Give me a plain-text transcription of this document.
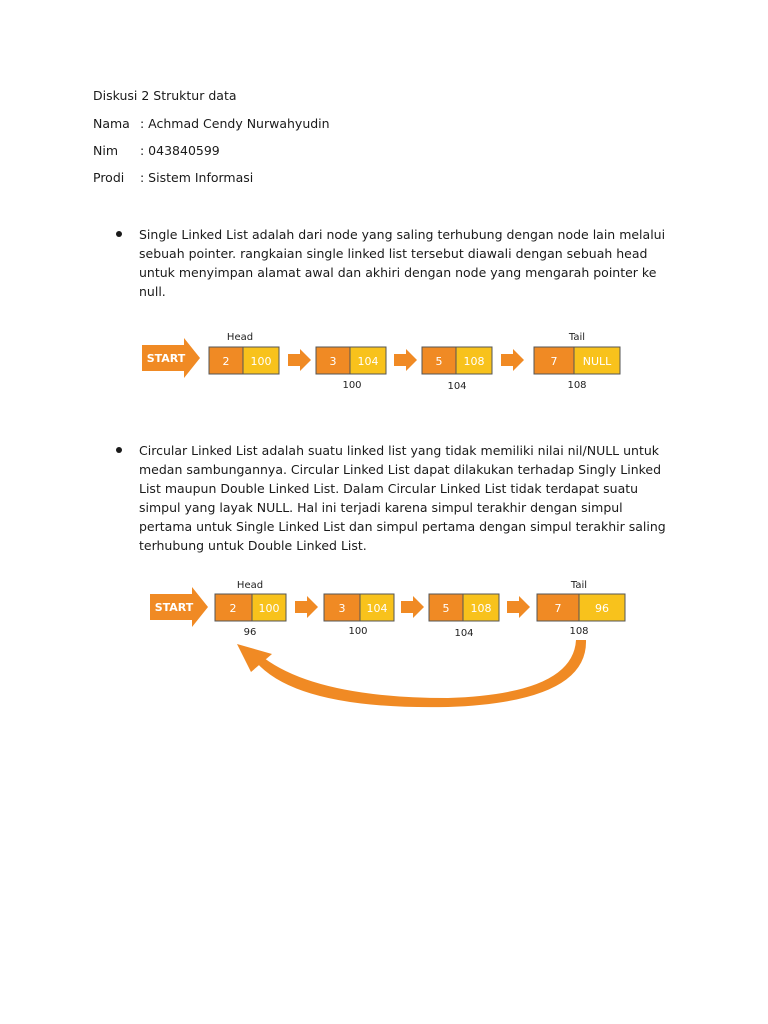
Diskusi 2 Struktur data
Nama : Achmad Cendy Nurwahyudin
Nim	: 043840599
Prodi	: Sistem Informasi
Single Linked List adalah dari node yang saling terhubung dengan node lain melalui
sebuah pointer. rangkaian single linked list tersebut diawali dengan sebuah head
untuk menyimpan alamat awal dan akhiri dengan node yang mengarah pointer ke
null.
START
Head	Tail
2 100	3 104
100
5 108
104
7 NULL
108
Circular Linked List adalah suatu linked list yang tidak memiliki nilai nil/NULL untuk
medan sambungannya. Circular Linked List dapat dilakukan terhadap Singly Linked
List maupun Double Linked List. Dalam Circular Linked List tidak terdapat suatu
simpul yang layak NULL. Hal ini terjadi karena simpul terakhir dengan simpul
pertama untuk Single Linked List dan simpul pertama dengan simpul terakhir saling
terhubung untuk Double Linked List.
START
Head	Tail
2 100
96
3 104
100
5 108
104
7	96
108
